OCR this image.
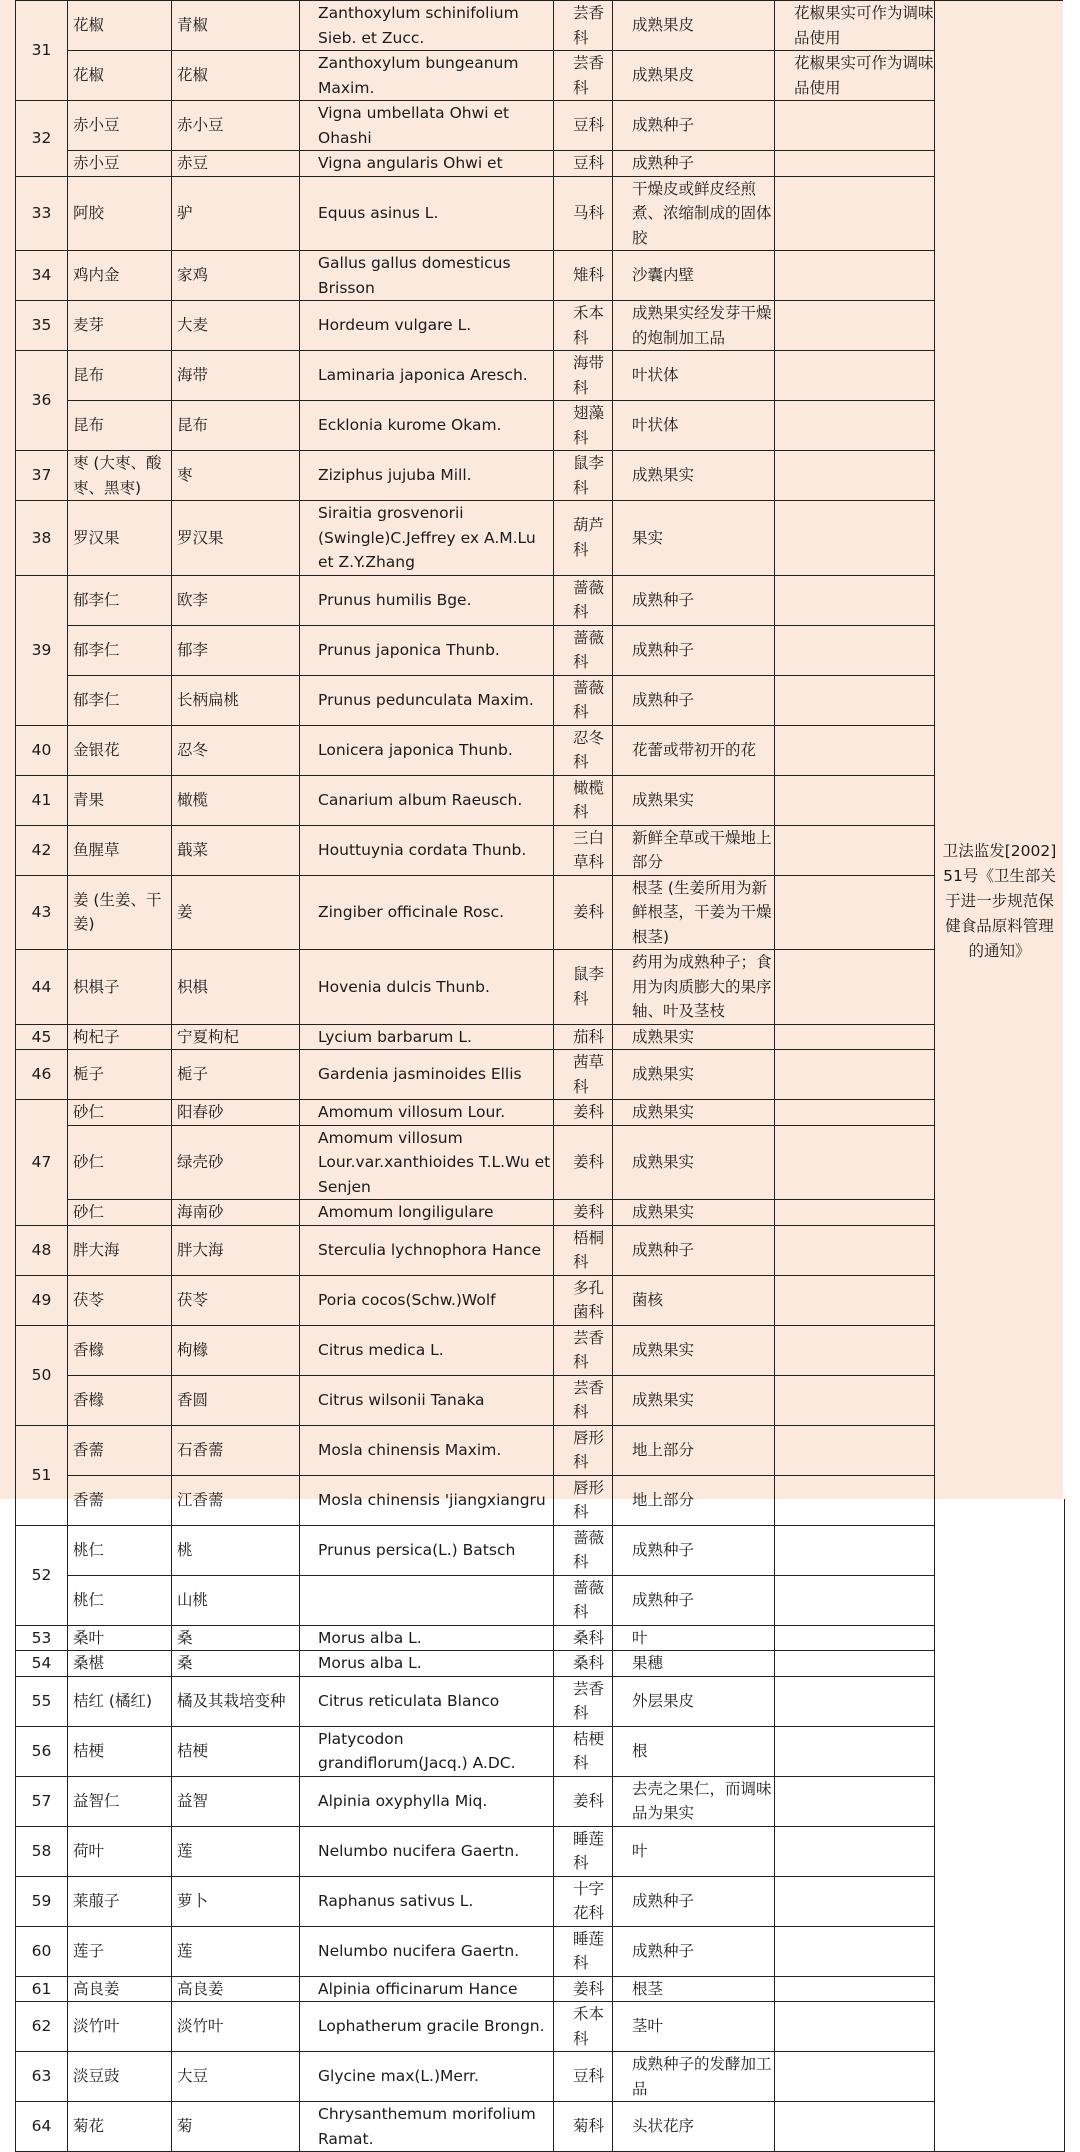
31	花椒	青椒	Zanthoxylum schinifolium Sieb. et Zucc.	芸香科	成熟果皮	花椒果实可作为调味品使用	卫法监发[2002]51号《卫生部关于进一步规范保健食品原料管理的通知》
	花椒	花椒	Zanthoxylum bungeanum Maxim.	芸香科	成熟果皮	花椒果实可作为调味品使用	
32	赤小豆	赤小豆	Vigna umbellata Ohwi et Ohashi	豆科	成熟种子		
	赤小豆	赤豆	Vigna angularis Ohwi et	豆科	成熟种子		
33	阿胶	驴	Equus asinus L.	马科	干燥皮或鲜皮经煎煮、浓缩制成的固体胶		
34	鸡内金	家鸡	Gallus gallus domesticus Brisson	雉科	沙囊内壁		
35	麦芽	大麦	Hordeum vulgare L.	禾本科	成熟果实经发芽干燥的炮制加工品		
36	昆布	海带	Laminaria japonica Aresch.	海带科	叶状体		
	昆布	昆布	Ecklonia kurome Okam.	翅藻科	叶状体		
37	枣 (大枣、酸枣、黑枣)	枣	Ziziphus jujuba Mill.	鼠李科	成熟果实		
38	罗汉果	罗汉果	Siraitia grosvenorii (Swingle)C.Jeffrey ex A.M.Lu et Z.Y.Zhang	葫芦科	果实		
39	郁李仁	欧李	Prunus humilis Bge.	蔷薇科	成熟种子		
	郁李仁	郁李	Prunus japonica Thunb.	蔷薇科	成熟种子		
	郁李仁	长柄扁桃	Prunus pedunculata Maxim.	蔷薇科	成熟种子		
40	金银花	忍冬	Lonicera japonica Thunb.	忍冬科	花蕾或带初开的花		
41	青果	橄榄	Canarium album Raeusch.	橄榄科	成熟果实		
42	鱼腥草	蕺菜	Houttuynia cordata Thunb.	三白草科	新鲜全草或干燥地上部分		
43	姜 (生姜、干姜)	姜	Zingiber officinale Rosc.	姜科	根茎 (生姜所用为新鲜根茎，干姜为干燥根茎)		
44	枳椇子	枳椇	Hovenia dulcis Thunb.	鼠李科	药用为成熟种子；食用为肉质膨大的果序轴、叶及茎枝		
45	枸杞子	宁夏枸杞	Lycium barbarum L.	茄科	成熟果实		
46	栀子	栀子	Gardenia jasminoides Ellis	茜草科	成熟果实		
47	砂仁	阳春砂	Amomum villosum Lour.	姜科	成熟果实		
	砂仁	绿壳砂	Amomum villosum Lour.var.xanthioides T.L.Wu et Senjen	姜科	成熟果实		
	砂仁	海南砂	Amomum longiligulare	姜科	成熟果实		
48	胖大海	胖大海	Sterculia lychnophora Hance	梧桐科	成熟种子		
49	茯苓	茯苓	Poria cocos(Schw.)Wolf	多孔菌科	菌核		
50	香橼	枸橼	Citrus medica L.	芸香科	成熟果实		
	香橼	香圆	Citrus wilsonii Tanaka	芸香科	成熟果实		
51	香薷	石香薷	Mosla chinensis Maxim.	唇形科	地上部分		
	香薷	江香薷	Mosla chinensis 'jiangxiangru	唇形科	地上部分		
52	桃仁	桃	Prunus persica(L.) Batsch	蔷薇科	成熟种子		
	桃仁	山桃		蔷薇科	成熟种子		
53	桑叶	桑	Morus alba L.	桑科	叶		
54	桑椹	桑	Morus alba L.	桑科	果穗		
55	桔红 (橘红)	橘及其栽培变种	Citrus reticulata Blanco	芸香科	外层果皮		
56	桔梗	桔梗	Platycodon grandiflorum(Jacq.) A.DC.	桔梗科	根		
57	益智仁	益智	Alpinia oxyphylla Miq.	姜科	去壳之果仁，而调味品为果实		
58	荷叶	莲	Nelumbo nucifera Gaertn.	睡莲科	叶		
59	莱菔子	萝卜	Raphanus sativus L.	十字花科	成熟种子		
60	莲子	莲	Nelumbo nucifera Gaertn.	睡莲科	成熟种子		
61	高良姜	高良姜	Alpinia officinarum Hance	姜科	根茎		
62	淡竹叶	淡竹叶	Lophatherum gracile Brongn.	禾本科	茎叶		
63	淡豆豉	大豆	Glycine max(L.)Merr.	豆科	成熟种子的发酵加工品		
64	菊花	菊	Chrysanthemum morifolium Ramat.	菊科	头状花序		
